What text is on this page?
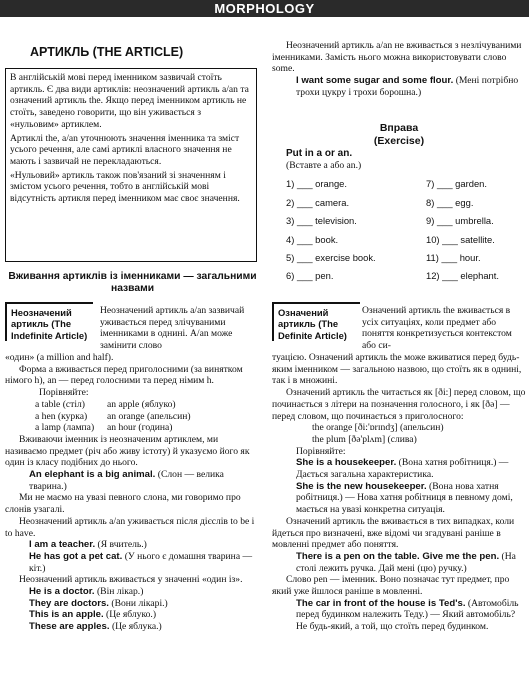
MORPHOLOGY
АРТИКЛЬ (THE ARTICLE)

В англійській мові перед іменником зазвичай стоїть артикль. Є два види артиклів: неозначений артикль a/an та означений артикль the. Якщо перед іменником артикль не стоїть, заведено говорити, що він уживається з «нульовим» артиклем.

Артиклі the, a/an уточнюють значення іменника та зміст усього речення, але самі артиклі власного значення не мають і зазвичай не перекладаються.

«Нульовий» артикль також пов'язаний зі значенням і змістом усього речення, тобто в англійській мові відсутність артикля перед іменником має своє значення.

Вживання артиклів із іменниками — загальними назвами
Неозначений артикль (The Indefinite Article)
Неозначений артикль a/an зазвичай уживається перед злічуваними іменниками в однині. A/an може замінити слово

«один» (a million and half).

Форма a вживається перед приголосними (за винятком німого h), an — перед голосними та перед німим h.

Порівняйте:

a table (стіл)	an apple (яблуко)
a hen (курка)	an orange (апельсин)
a lamp (лампа)	an hour (година)

Вживаючи іменник із неозначеним артиклем, ми називаємо предмет (річ або живу істоту) й указуємо його як один із класу подібних до нього.

An elephant is a big animal. (Слон — велика тварина.)

Ми не маємо на увазі певного слона, ми говоримо про слонів узагалі.

Неозначений артикль a/an уживається після дієслів to be і to have.

I am a teacher. (Я вчитель.)

He has got a pet cat. (У нього є домашня тварина — кіт.)

Неозначений артикль вживається у значенні «один із».

He is a doctor. (Він лікар.)

They are doctors. (Вони лікарі.)

This is an apple. (Це яблуко.)

These are apples. (Це яблука.)

Неозначений артикль a/an не вживається з незлічуваними іменниками. Замість нього можна використовувати слово some.

I want some sugar and some flour. (Мені потрібно трохи цукру і трохи борошна.)

Вправа
(Exercise)
Put in a or an.
(Вставте a або an.)
1) ___ orange.	7) ___ garden.
2) ___ camera.	8) ___ egg.
3) ___ television.	9) ___ umbrella.
4) ___ book.	10) ___ satellite.
5) ___ exercise book.	11) ___ hour.
6) ___ pen.	12) ___ elephant.
Означений артикль (The Definite Article)
Означений артикль the вживається в усіх ситуаціях, коли предмет або поняття конкретизується контекстом або си-

туацією. Означений артикль the може вживатися перед будь-яким іменником — загальною назвою, що стоїть як в однині, так і в множині.

Означений артикль the читається як [ði:] перед словом, що починається з літери на позначення голосного, і як [ðə] — перед словом, що починається з приголосного:

the orange [ði:'ɒrɪndʒ] (апельсин)

the plum [ðə'plʌm] (слива)

Порівняйте:

She is a housekeeper. (Вона хатня робітниця.) — Дається загальна характеристика.

She is the new housekeeper. (Вона нова хатня робітниця.) — Нова хатня робітниця в певному домі, мається на увазі конкретна ситуація.

Означений артикль the вживається в тих випадках, коли йдеться про визначені, вже відомі чи згадувані раніше в мовленні предмет або поняття.

There is a pen on the table. Give me the pen. (На столі лежить ручка. Дай мені (цю) ручку.)

Слово pen — іменник. Воно позначає тут предмет, про який уже йшлося раніше в мовленні.

The car in front of the house is Ted's. (Автомобіль перед будинком належить Теду.) — Який автомобіль? Не будь-який, а той, що стоїть перед будинком.
